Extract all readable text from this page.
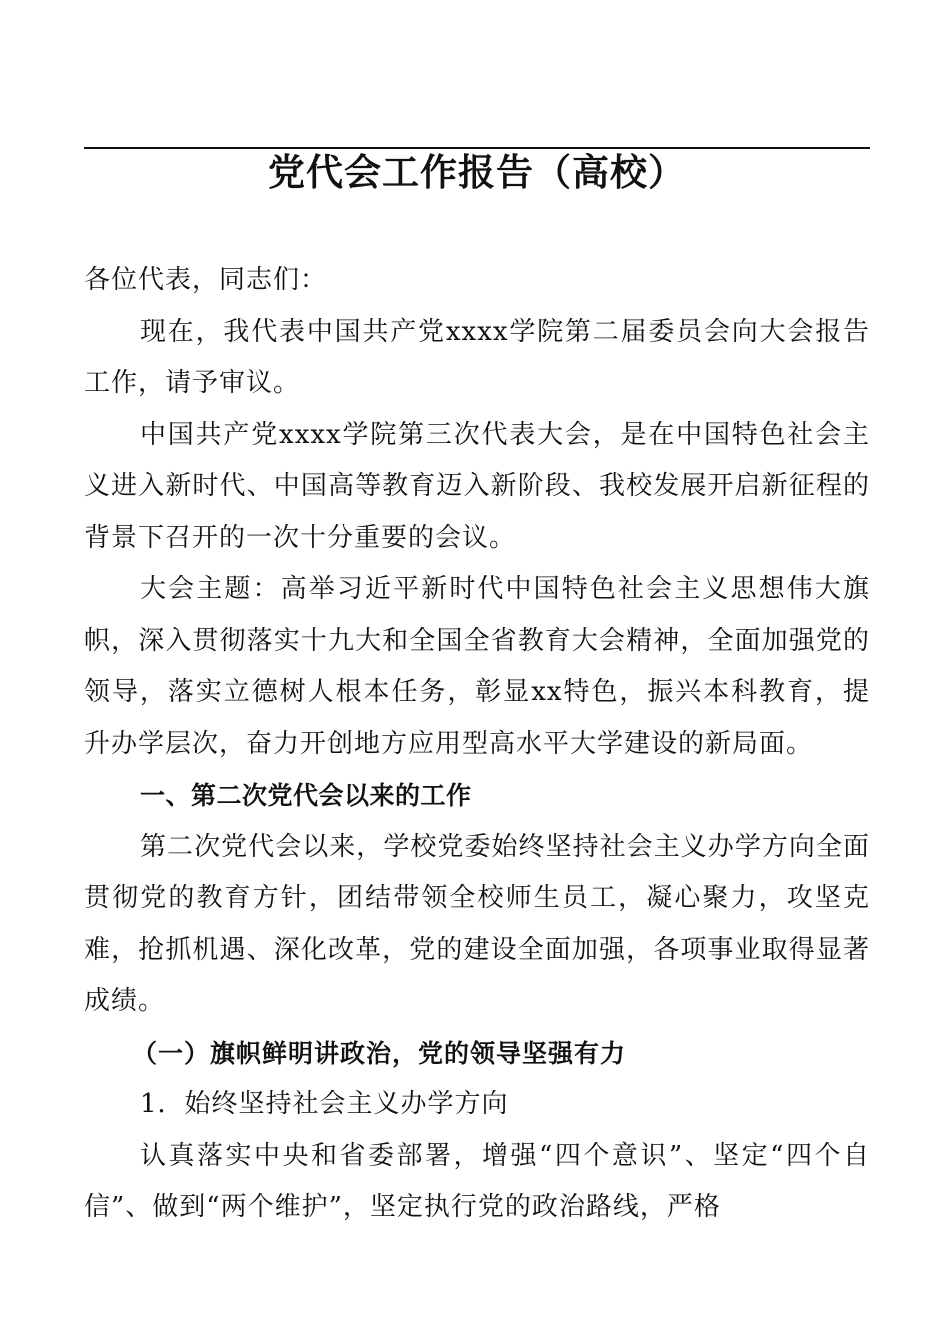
党代会工作报告（高校）

各位代表，同志们：

现在，我代表中国共产党xxxx学院第二届委员会向大会报告工作，请予审议。

中国共产党xxxx学院第三次代表大会，是在中国特色社会主义进入新时代、中国高等教育迈入新阶段、我校发展开启新征程的背景下召开的一次十分重要的会议。

大会主题：高举习近平新时代中国特色社会主义思想伟大旗帜，深入贯彻落实十九大和全国全省教育大会精神，全面加强党的领导，落实立德树人根本任务，彰显xx特色，振兴本科教育，提升办学层次，奋力开创地方应用型高水平大学建设的新局面。

一、第二次党代会以来的工作

第二次党代会以来，学校党委始终坚持社会主义办学方向全面贯彻党的教育方针，团结带领全校师生员工，凝心聚力，攻坚克难，抢抓机遇、深化改革，党的建设全面加强，各项事业取得显著成绩。

（一）旗帜鲜明讲政治，党的领导坚强有力

1．始终坚持社会主义办学方向

认真落实中央和省委部署，增强“四个意识”、坚定“四个自信”、做到“两个维护”，坚定执行党的政治路线，严格
